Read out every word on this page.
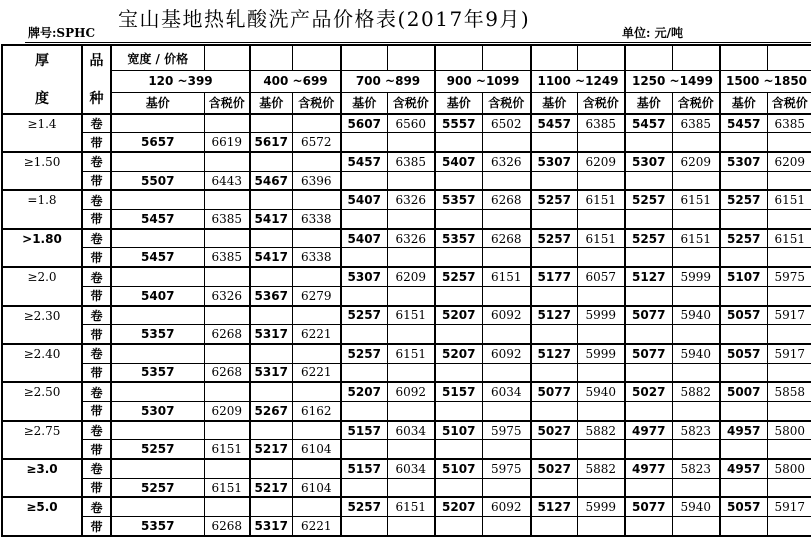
宝山基地热轧酸洗产品价格表(2017年9月)
牌号:SPHC	单位: 元/吨
厚
度	品
种	宽度 / 价格													
		120 ~399		400 ~699		700 ~899		900 ~1099		1100 ~1249		1250 ~1499		1500 ~1850	
		基价	含税价	基价	含税价	基价	含税价	基价	含税价	基价	含税价	基价	含税价	基价	含税价
≥1.4	卷					5607	6560	5557	6502	5457	6385	5457	6385	5457	6385
	带	5657	6619	5617	6572										
≥1.50	卷					5457	6385	5407	6326	5307	6209	5307	6209	5307	6209
	带	5507	6443	5467	6396										
=1.8	卷					5407	6326	5357	6268	5257	6151	5257	6151	5257	6151
	带	5457	6385	5417	6338										
>1.80	卷					5407	6326	5357	6268	5257	6151	5257	6151	5257	6151
	带	5457	6385	5417	6338										
≥2.0	卷					5307	6209	5257	6151	5177	6057	5127	5999	5107	5975
	带	5407	6326	5367	6279										
≥2.30	卷					5257	6151	5207	6092	5127	5999	5077	5940	5057	5917
	带	5357	6268	5317	6221										
≥2.40	卷					5257	6151	5207	6092	5127	5999	5077	5940	5057	5917
	带	5357	6268	5317	6221										
≥2.50	卷					5207	6092	5157	6034	5077	5940	5027	5882	5007	5858
	带	5307	6209	5267	6162										
≥2.75	卷					5157	6034	5107	5975	5027	5882	4977	5823	4957	5800
	带	5257	6151	5217	6104										
≥3.0	卷					5157	6034	5107	5975	5027	5882	4977	5823	4957	5800
	带	5257	6151	5217	6104										
≥5.0	卷					5257	6151	5207	6092	5127	5999	5077	5940	5057	5917
	带	5357	6268	5317	6221										
